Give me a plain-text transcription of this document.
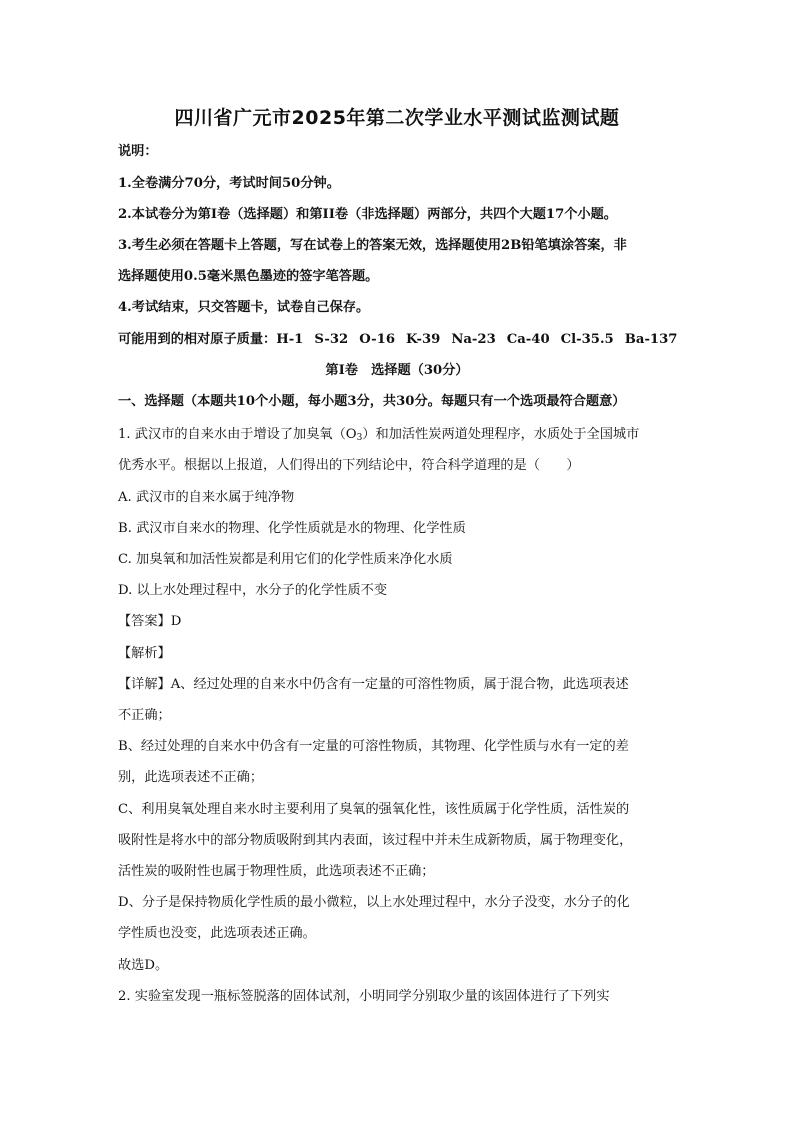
四川省广元市2025年第二次学业水平测试监测试题
说明：
1.全卷满分70分，考试时间50分钟。
2.本试卷分为第I卷（选择题）和第II卷（非选择题）两部分，共四个大题17个小题。
3.考生必须在答题卡上答题，写在试卷上的答案无效，选择题使用2B铅笔填涂答案，非
选择题使用0.5毫米黑色墨迹的签字笔答题。
4.考试结束，只交答题卡，试卷自己保存。
可能用到的相对原子质量：H-1 S-32 O-16 K-39 Na-23 Ca-40 Cl-35.5 Ba-137
第I卷　选择题（30分）
一、选择题（本题共10个小题，每小题3分，共30分。每题只有一个选项最符合题意）
1. 武汉市的自来水由于增设了加臭氧$(O_3)$和加活性炭两道处理程序，水质处于全国城市
优秀水平。根据以上报道，人们得出的下列结论中，符合科学道理的是（　　）
A. 武汉市的自来水属于纯净物
B. 武汉市自来水的物理、化学性质就是水的物理、化学性质
C. 加臭氧和加活性炭都是利用它们的化学性质来净化水质
D. 以上水处理过程中，水分子的化学性质不变
【答案】D
【解析】
【详解】A、经过处理的自来水中仍含有一定量的可溶性物质，属于混合物，此选项表述
不正确；
B、经过处理的自来水中仍含有一定量的可溶性物质，其物理、化学性质与水有一定的差
别，此选项表述不正确；
C、利用臭氧处理自来水时主要利用了臭氧的强氧化性，该性质属于化学性质，活性炭的
吸附性是将水中的部分物质吸附到其内表面，该过程中并未生成新物质，属于物理变化，
活性炭的吸附性也属于物理性质，此选项表述不正确；
D、分子是保持物质化学性质的最小微粒，以上水处理过程中，水分子没变，水分子的化
学性质也没变，此选项表述正确。
故选D。
2. 实验室发现一瓶标签脱落的固体试剂，小明同学分别取少量的该固体进行了下列实
